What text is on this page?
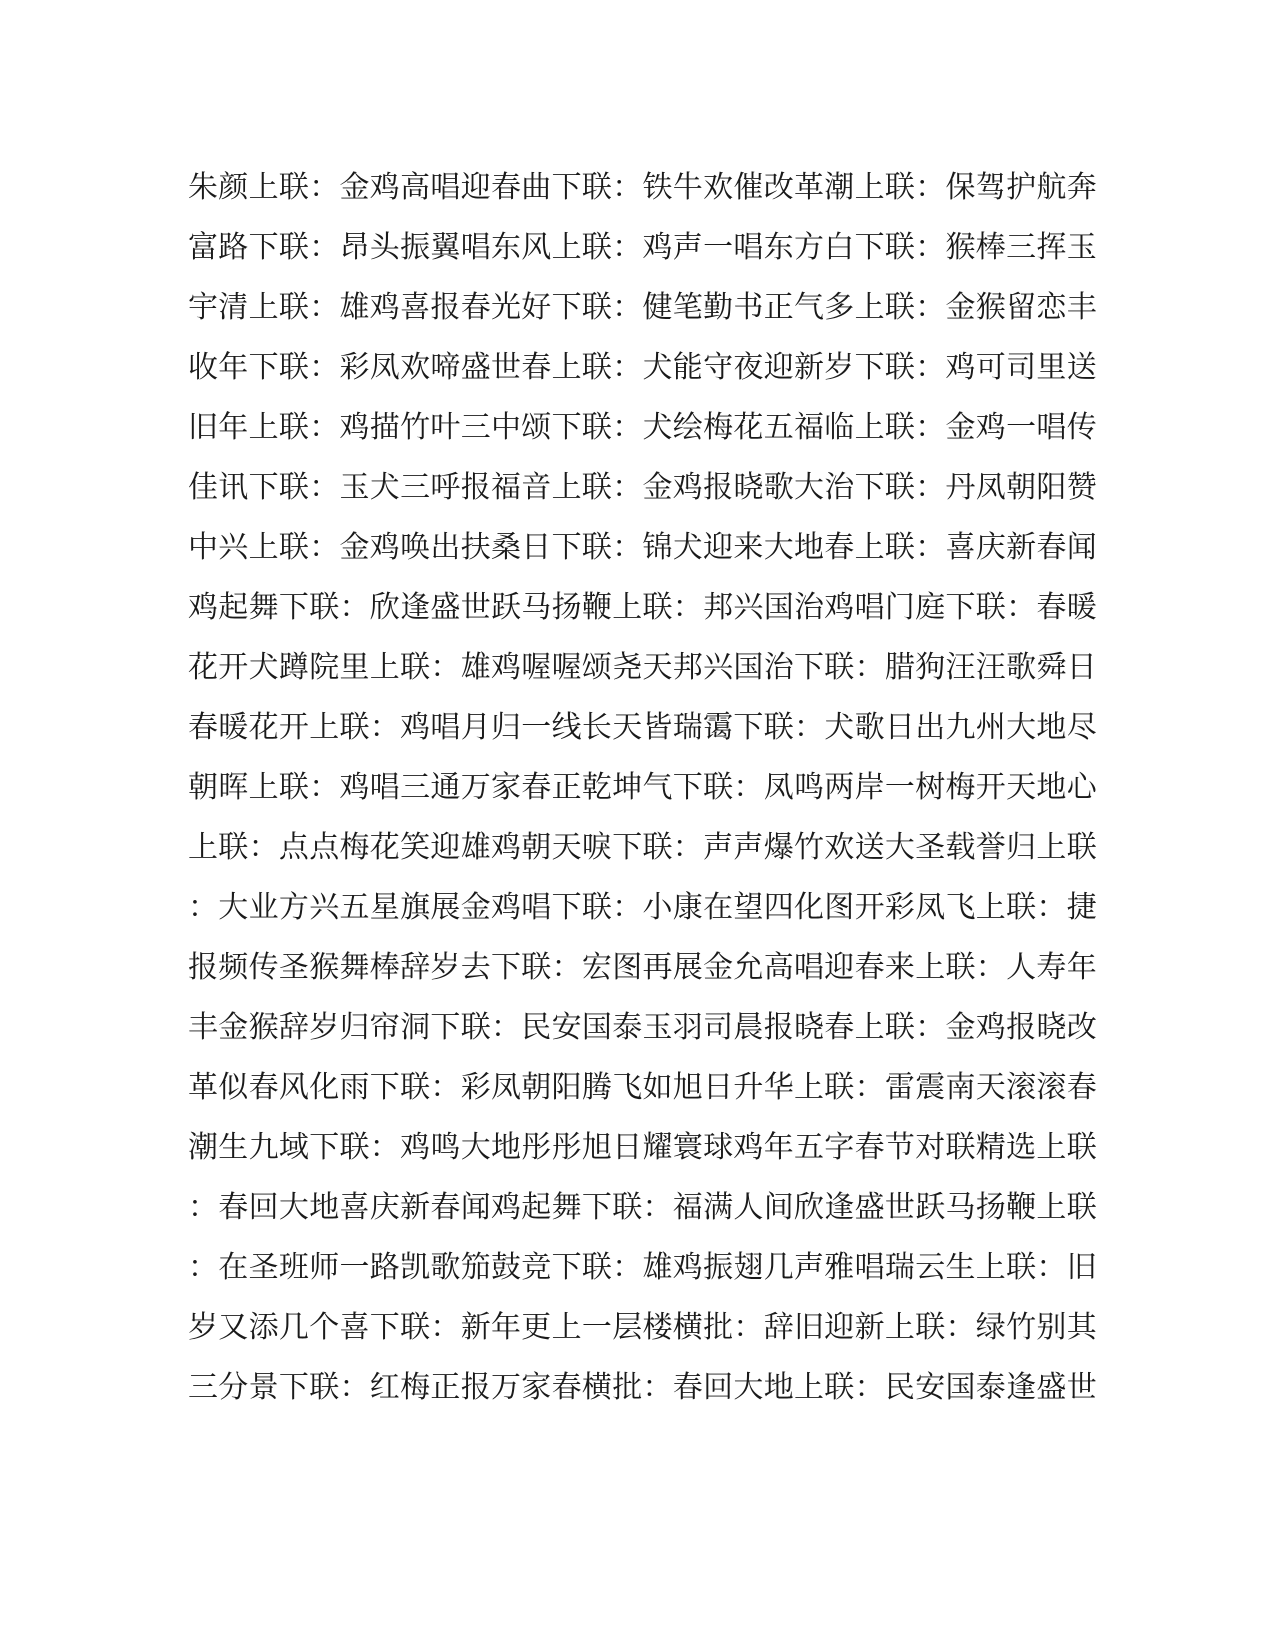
朱颜上联：金鸡高唱迎春曲下联：铁牛欢催改革潮上联：保驾护航奔
富路下联：昂头振翼唱东风上联：鸡声一唱东方白下联：猴棒三挥玉
宇清上联：雄鸡喜报春光好下联：健笔勤书正气多上联：金猴留恋丰
收年下联：彩凤欢啼盛世春上联：犬能守夜迎新岁下联：鸡可司里送
旧年上联：鸡描竹叶三中颂下联：犬绘梅花五福临上联：金鸡一唱传
佳讯下联：玉犬三呼报福音上联：金鸡报晓歌大治下联：丹凤朝阳赞
中兴上联：金鸡唤出扶桑日下联：锦犬迎来大地春上联：喜庆新春闻
鸡起舞下联：欣逢盛世跃马扬鞭上联：邦兴国治鸡唱门庭下联：春暖
花开犬蹲院里上联：雄鸡喔喔颂尧天邦兴国治下联：腊狗汪汪歌舜日
春暖花开上联：鸡唱月归一线长天皆瑞霭下联：犬歌日出九州大地尽
朝晖上联：鸡唱三通万家春正乾坤气下联：凤鸣两岸一树梅开天地心
上联：点点梅花笑迎雄鸡朝天唳下联：声声爆竹欢送大圣载誉归上联
：大业方兴五星旗展金鸡唱下联：小康在望四化图开彩凤飞上联：捷
报频传圣猴舞棒辞岁去下联：宏图再展金允高唱迎春来上联：人寿年
丰金猴辞岁归帘洞下联：民安国泰玉羽司晨报晓春上联：金鸡报晓改
革似春风化雨下联：彩凤朝阳腾飞如旭日升华上联：雷震南天滚滚春
潮生九域下联：鸡鸣大地彤彤旭日耀寰球鸡年五字春节对联精选上联
：春回大地喜庆新春闻鸡起舞下联：福满人间欣逢盛世跃马扬鞭上联
：在圣班师一路凯歌笳鼓竞下联：雄鸡振翅几声雅唱瑞云生上联：旧
岁又添几个喜下联：新年更上一层楼横批：辞旧迎新上联：绿竹别其
三分景下联：红梅正报万家春横批：春回大地上联：民安国泰逢盛世
